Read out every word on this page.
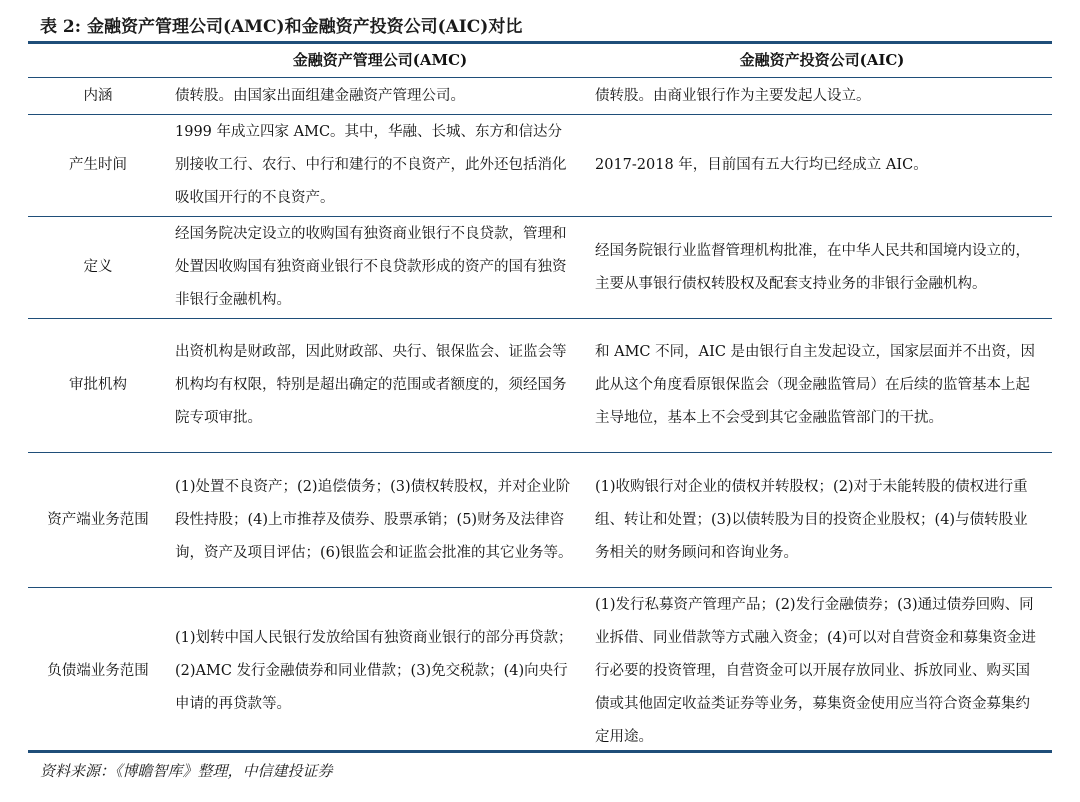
表 2: 金融资产管理公司(AMC)和金融资产投资公司(AIC)对比
	金融资产管理公司(AMC)	金融资产投资公司(AIC)
内涵	债转股。由国家出面组建金融资产管理公司。	债转股。由商业银行作为主要发起人设立。

产生时间	1999 年成立四家 AMC。其中，华融、长城、东方和信达分别接收工行、农行、中行和建行的不良资产，此外还包括消化吸收国开行的不良资产。	2017-2018 年，目前国有五大行均已经成立 AIC。

定义	经国务院决定设立的收购国有独资商业银行不良贷款，管理和处置因收购国有独资商业银行不良贷款形成的资产的国有独资非银行金融机构。	经国务院银行业监督管理机构批准，在中华人民共和国境内设立的，主要从事银行债权转股权及配套支持业务的非银行金融机构。

审批机构	出资机构是财政部，因此财政部、央行、银保监会、证监会等机构均有权限，特别是超出确定的范围或者额度的，须经国务院专项审批。	和 AMC 不同，AIC 是由银行自主发起设立，国家层面并不出资，因此从这个角度看原银保监会（现金融监管局）在后续的监管基本上起主导地位，基本上不会受到其它金融监管部门的干扰。

资产端业务范围	(1)处置不良资产；(2)追偿债务；(3)债权转股权，并对企业阶段性持股；(4)上市推荐及债券、股票承销；(5)财务及法律咨询，资产及项目评估；(6)银监会和证监会批准的其它业务等。	(1)收购银行对企业的债权并转股权；(2)对于未能转股的债权进行重组、转让和处置；(3)以债转股为目的投资企业股权；(4)与债转股业务相关的财务顾问和咨询业务。

负债端业务范围	(1)划转中国人民银行发放给国有独资商业银行的部分再贷款；(2)AMC 发行金融债券和同业借款；(3)免交税款；(4)向央行申请的再贷款等。	(1)发行私募资产管理产品；(2)发行金融债券；(3)通过债券回购、同业拆借、同业借款等方式融入资金；(4)可以对自营资金和募集资金进行必要的投资管理，自营资金可以开展存放同业、拆放同业、购买国债或其他固定收益类证券等业务，募集资金使用应当符合资金募集约定用途。
资料来源：《博瞻智库》整理，中信建投证券
